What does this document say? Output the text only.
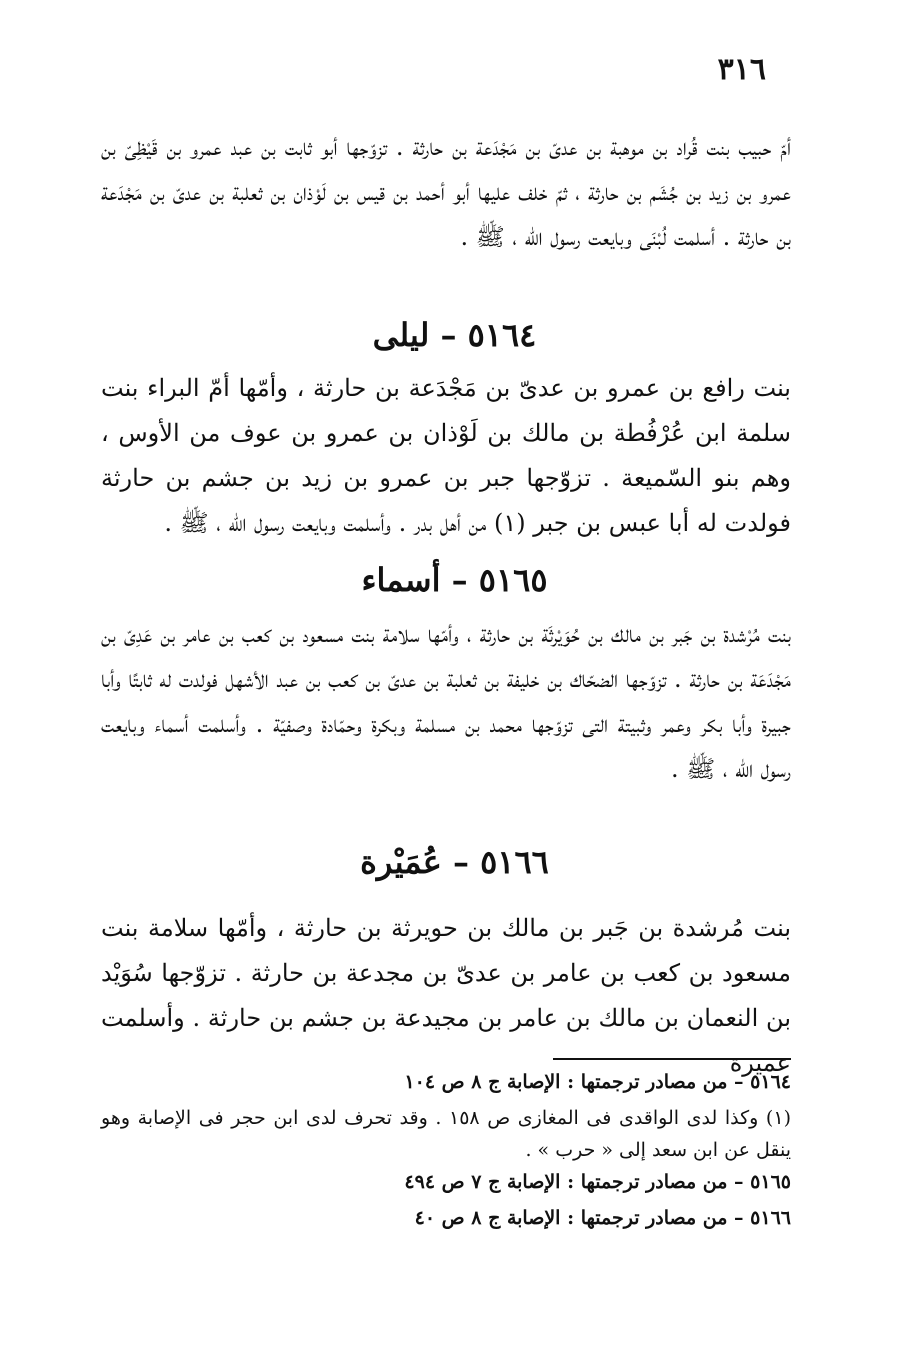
٣١٦
أمّ حبيب بنت قُراد بن موهبة بن عدىّ بن مَجْدَعة بن حارثة . تزوّجها أبو ثابت بن عبد عمرو بن قَيْظِىّ بن عمرو بن زيد بن جُشَم بن حارثة ، ثمّ خلف عليها أبو أحمد بن قيس بن لَوْذان بن ثعلبة بن عدىّ بن مَجْدَعة بن حارثة . أسلمت لُبْنَى وبايعت رسول الله ، ﷺ .
٥١٦٤ – ليلى
بنت رافع بن عمرو بن عدىّ بن مَجْدَعة بن حارثة ، وأمّها أمّ البراء بنت سلمة ابن عُرْفُطة بن مالك بن لَوْذان بن عمرو بن عوف من الأوس ، وهم بنو السّميعة . تزوّجها جبر بن عمرو بن زيد بن جشم بن حارثة فولدت له أبا عبس بن جبر (١) من أهل بدر . وأسلمت وبايعت رسول الله ، ﷺ .
٥١٦٥ – أسماء
بنت مُرْشدة بن جَبر بن مالك بن حُوَيْرثَة بن حارثة ، وأمّها سلامة بنت مسعود بن كعب بن عامر بن عَدِىّ بن مَجْدَعَة بن حارثة . تزوّجها الضحّاك بن خليفة بن ثعلبة بن عدىّ بن كعب بن عبد الأشهل فولدت له ثابتًا وأبا جبيرة وأبا بكر وعمر وثبيتة التى تزوّجها محمد بن مسلمة وبكرة وحمّادة وصفيّة . وأسلمت أسماء وبايعت رسول الله ، ﷺ .
٥١٦٦ – عُمَيْرة
بنت مُرشدة بن جَبر بن مالك بن حويرثة بن حارثة ، وأمّها سلامة بنت مسعود بن كعب بن عامر بن عدىّ بن مجدعة بن حارثة . تزوّجها سُوَيْد بن النعمان بن مالك بن عامر بن مجيدعة بن جشم بن حارثة . وأسلمت عميرة
٥١٦٤ – من مصادر ترجمتها : الإصابة ج ٨ ص ١٠٤
(١) وكذا لدى الواقدى فى المغازى ص ١٥٨ . وقد تحرف لدى ابن حجر فى الإصابة وهو ينقل عن ابن سعد إلى « حرب » .
٥١٦٥ – من مصادر ترجمتها : الإصابة ج ٧ ص ٤٩٤
٥١٦٦ – من مصادر ترجمتها : الإصابة ج ٨ ص ٤٠
